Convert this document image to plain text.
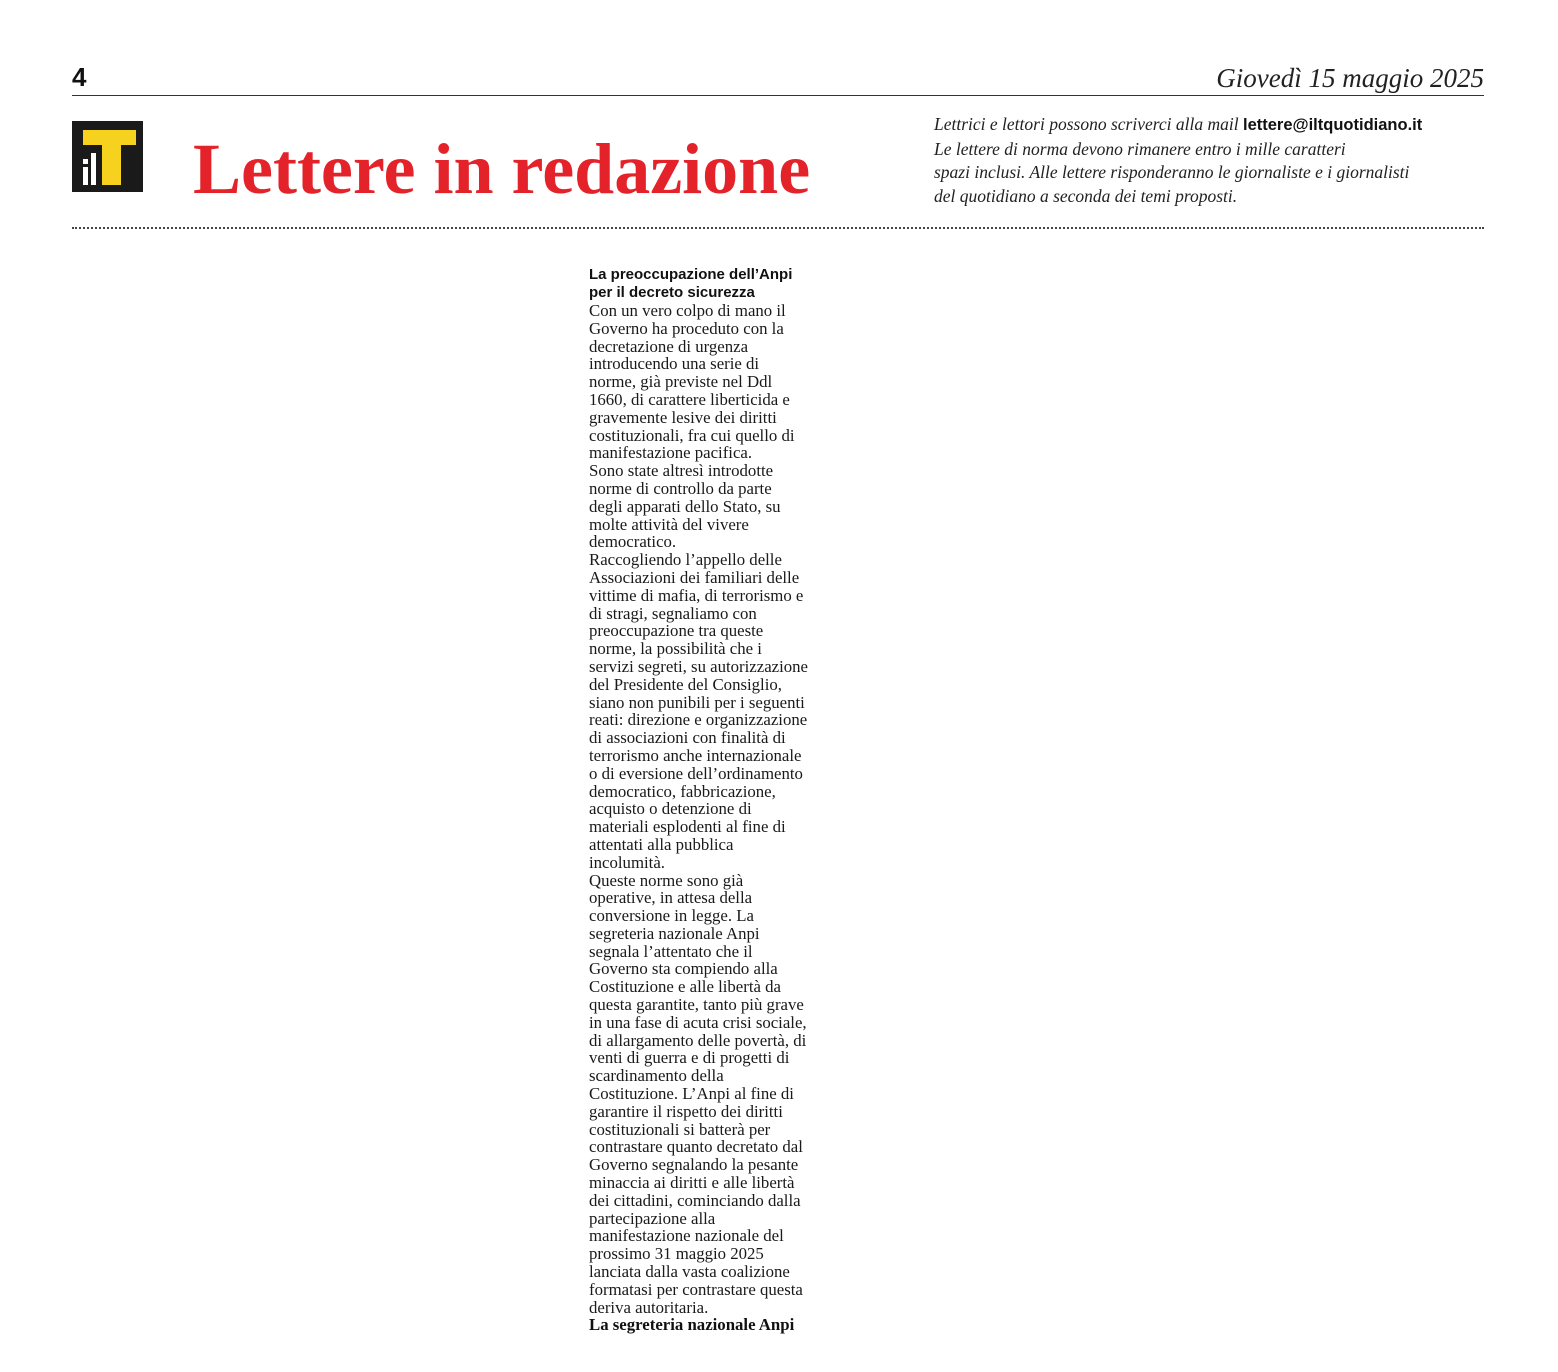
4	Giovedì 15 maggio 2025
Lettere in redazione
Lettrici e lettori possono scriverci alla mail lettere@iltquotidiano.it
Le lettere di norma devono rimanere entro i mille caratteri
spazi inclusi. Alle lettere risponderanno le giornaliste e i giornalisti
del quotidiano a seconda dei temi proposti.
La preoccupazione dell’Anpi
per il decreto sicurezza
Con un vero colpo di mano il
Governo ha proceduto con la
decretazione di urgenza
introducendo una serie di
norme, già previste nel Ddl
1660, di carattere liberticida e
gravemente lesive dei diritti
costituzionali, fra cui quello di
manifestazione pacifica.
Sono state altresì introdotte
norme di controllo da parte
degli apparati dello Stato, su
molte attività del vivere
democratico.
Raccogliendo l’appello delle
Associazioni dei familiari delle
vittime di mafia, di terrorismo e
di stragi, segnaliamo con
preoccupazione tra queste
norme, la possibilità che i
servizi segreti, su autorizzazione
del Presidente del Consiglio,
siano non punibili per i seguenti
reati: direzione e organizzazione
di associazioni con finalità di
terrorismo anche internazionale
o di eversione dell’ordinamento
democratico, fabbricazione,
acquisto o detenzione di
materiali esplodenti al fine di
attentati alla pubblica
incolumità.
Queste norme sono già
operative, in attesa della
conversione in legge. La
segreteria nazionale Anpi
segnala l’attentato che il
Governo sta compiendo alla
Costituzione e alle libertà da
questa garantite, tanto più grave
in una fase di acuta crisi sociale,
di allargamento delle povertà, di
venti di guerra e di progetti di
scardinamento della
Costituzione. L’Anpi al fine di
garantire il rispetto dei diritti
costituzionali si batterà per
contrastare quanto decretato dal
Governo segnalando la pesante
minaccia ai diritti e alle libertà
dei cittadini, cominciando dalla
partecipazione alla
manifestazione nazionale del
prossimo 31 maggio 2025
lanciata dalla vasta coalizione
formatasi per contrastare questa
deriva autoritaria.
La segreteria nazionale Anpi
